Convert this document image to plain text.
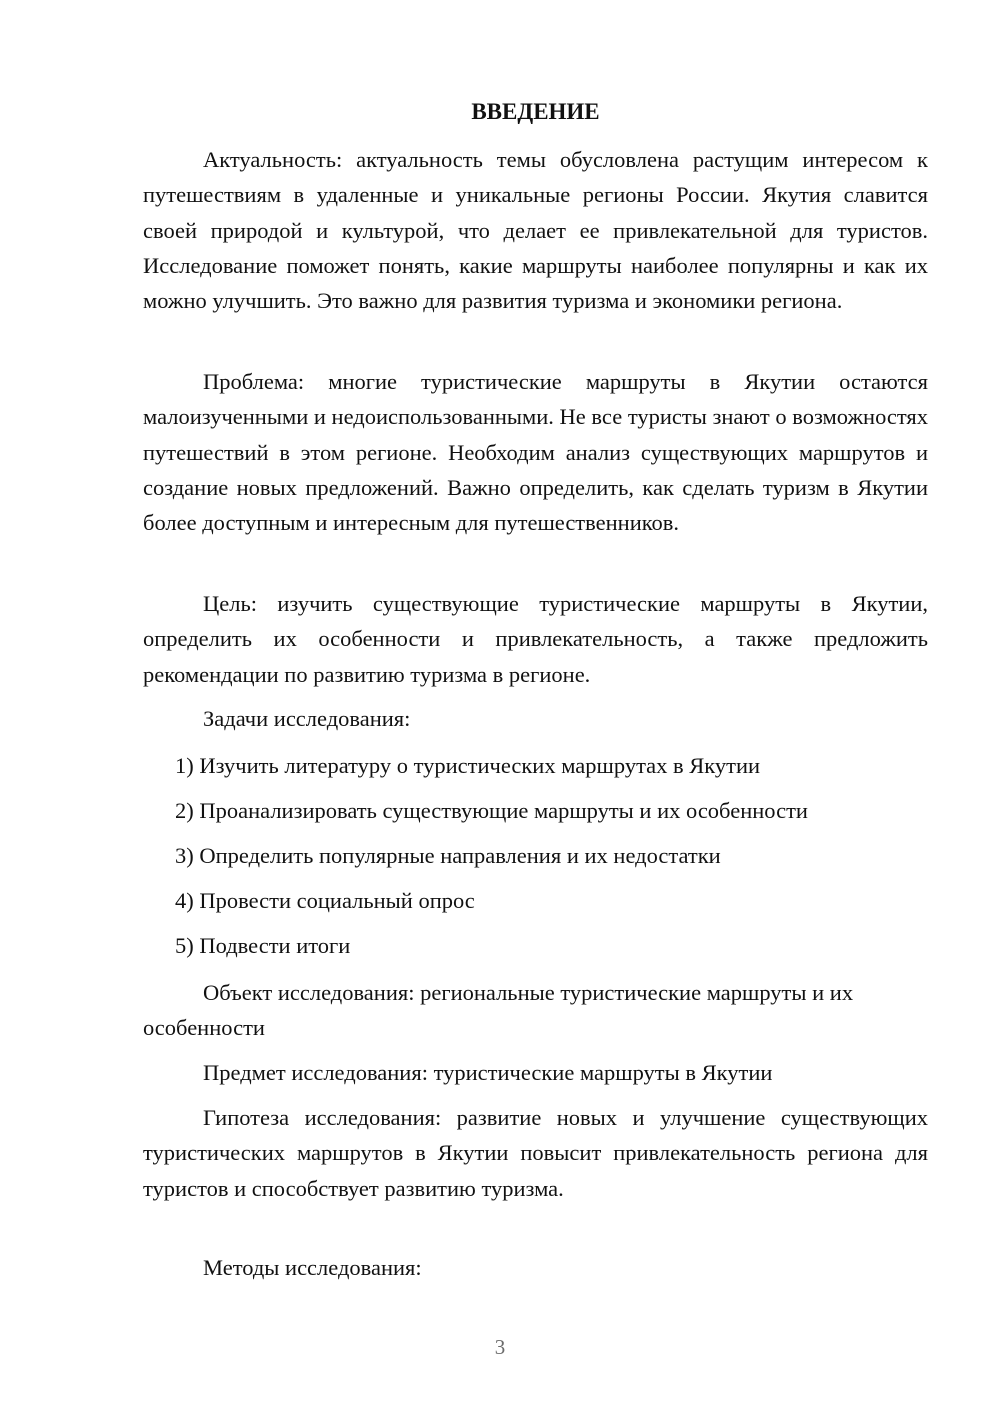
ВВЕДЕНИЕ

Актуальность: актуальность темы обусловлена растущим интересом к путешествиям в удаленные и уникальные регионы России. Якутия славится своей природой и культурой, что делает ее привлекательной для туристов. Исследование поможет понять, какие маршруты наиболее популярны и как их можно улучшить. Это важно для развития туризма и экономики региона.

Проблема: многие туристические маршруты в Якутии остаются малоизученными и недоиспользованными. Не все туристы знают о возможностях путешествий в этом регионе. Необходим анализ существующих маршрутов и создание новых предложений. Важно определить, как сделать туризм в Якутии более доступным и интересным для путешественников.

Цель: изучить существующие туристические маршруты в Якутии, определить их особенности и привлекательность, а также предложить рекомендации по развитию туризма в регионе.

Задачи исследования:

1) Изучить литературу о туристических маршрутах в Якутии
2) Проанализировать существующие маршруты и их особенности
3) Определить популярные направления и их недостатки
4) Провести социальный опрос
5) Подвести итоги

Объект исследования: региональные туристические маршруты и их особенности

Предмет исследования: туристические маршруты в Якутии

Гипотеза исследования: развитие новых и улучшение существующих туристических маршрутов в Якутии повысит привлекательность региона для туристов и способствует развитию туризма.

Методы исследования:

3
